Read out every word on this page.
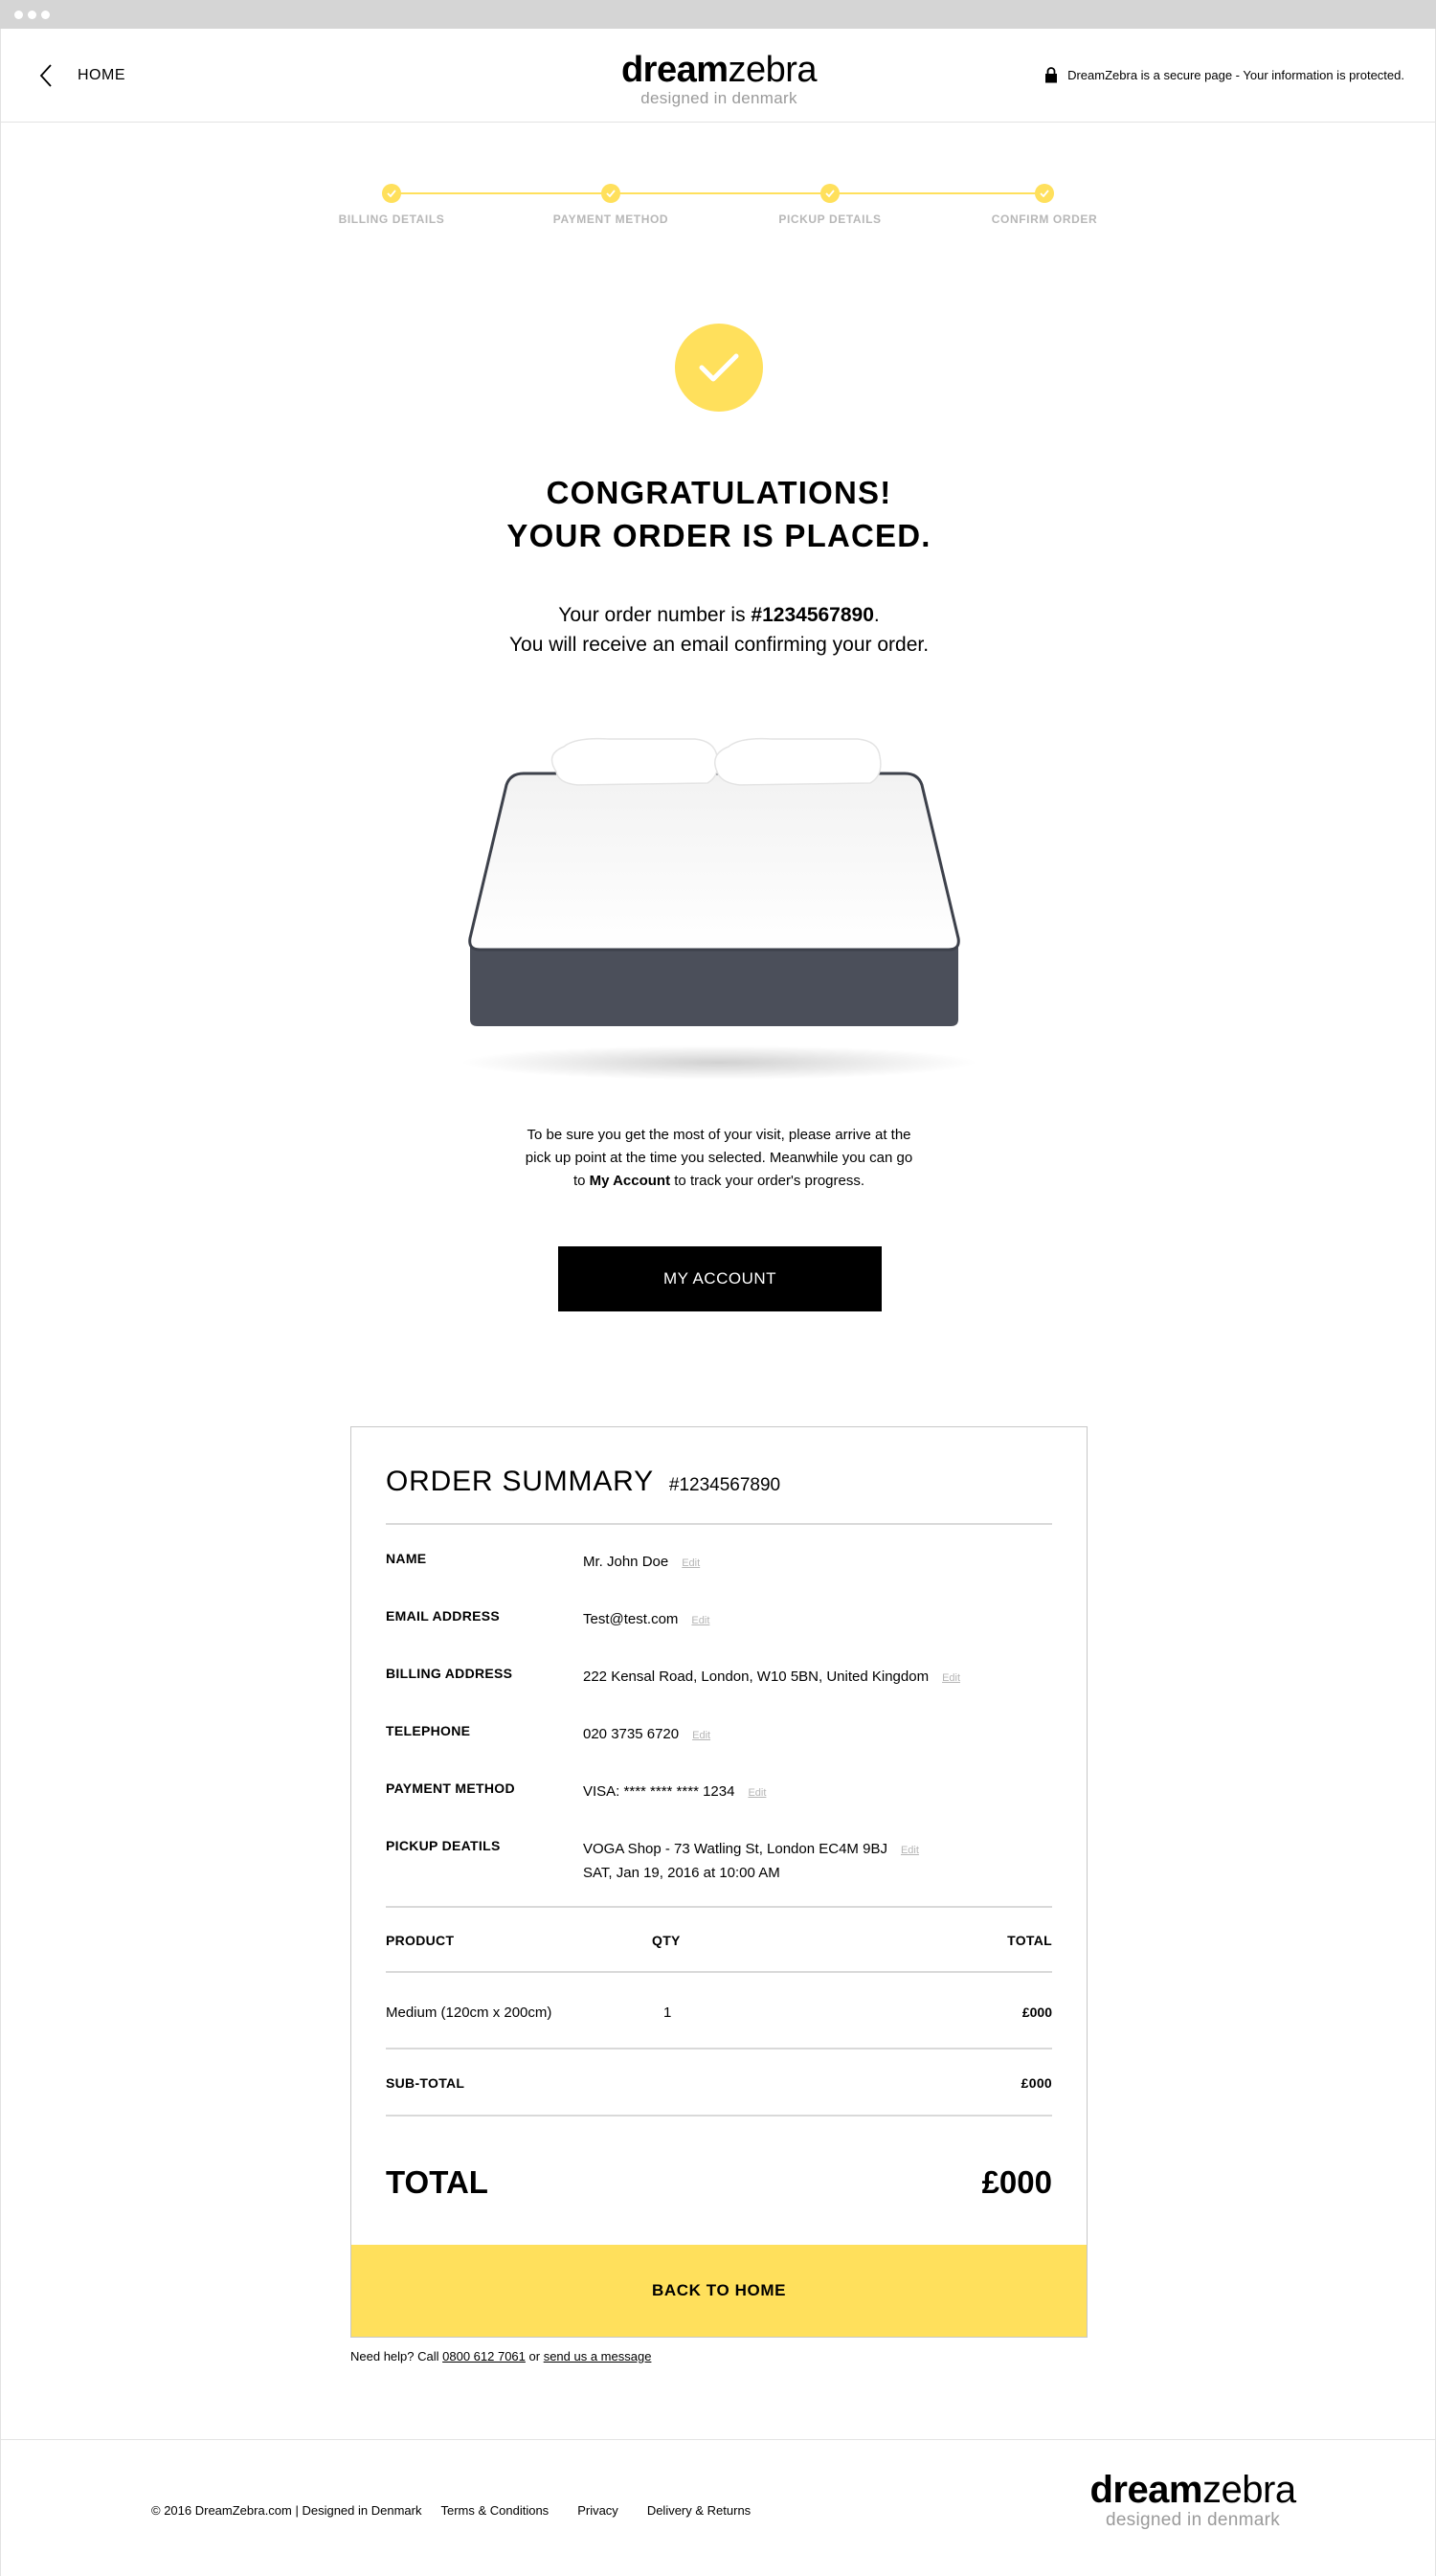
HOME	dreamzebra
designed in denmark
DreamZebra is a secure page - Your information is protected.
BILLING DETAILS	PAYMENT METHOD	PICKUP DETAILS	CONFIRM ORDER
CONGRATULATIONS!
YOUR ORDER IS PLACED.
Your order number is #1234567890.
You will receive an email confirming your order.
To be sure you get the most of your visit, please arrive at the
pick up point at the time you selected. Meanwhile you can go
to My Account to track your order's progress.
MY ACCOUNT
ORDER SUMMARY #1234567890
NAME	Mr. John Doe Edit
EMAIL ADDRESS	Test@test.com Edit
BILLING ADDRESS	222 Kensal Road, London, W10 5BN, United Kingdom Edit
TELEPHONE	020 3735 6720 Edit
PAYMENT METHOD	VISA: **** **** **** 1234 Edit
PICKUP DEATILS	VOGA Shop - 73 Watling St, London EC4M 9BJ Edit
SAT, Jan 19, 2016 at 10:00 AM
PRODUCT	QTY	TOTAL
Medium (120cm x 200cm)	1	£000
SUB-TOTAL	£000
TOTAL	£000
BACK TO HOME
Need help? Call 0800 612 7061 or send us a message
© 2016 DreamZebra.com | Designed in Denmark Terms & Conditions Privacy Delivery & Returns	dreamzebra
designed in denmark
